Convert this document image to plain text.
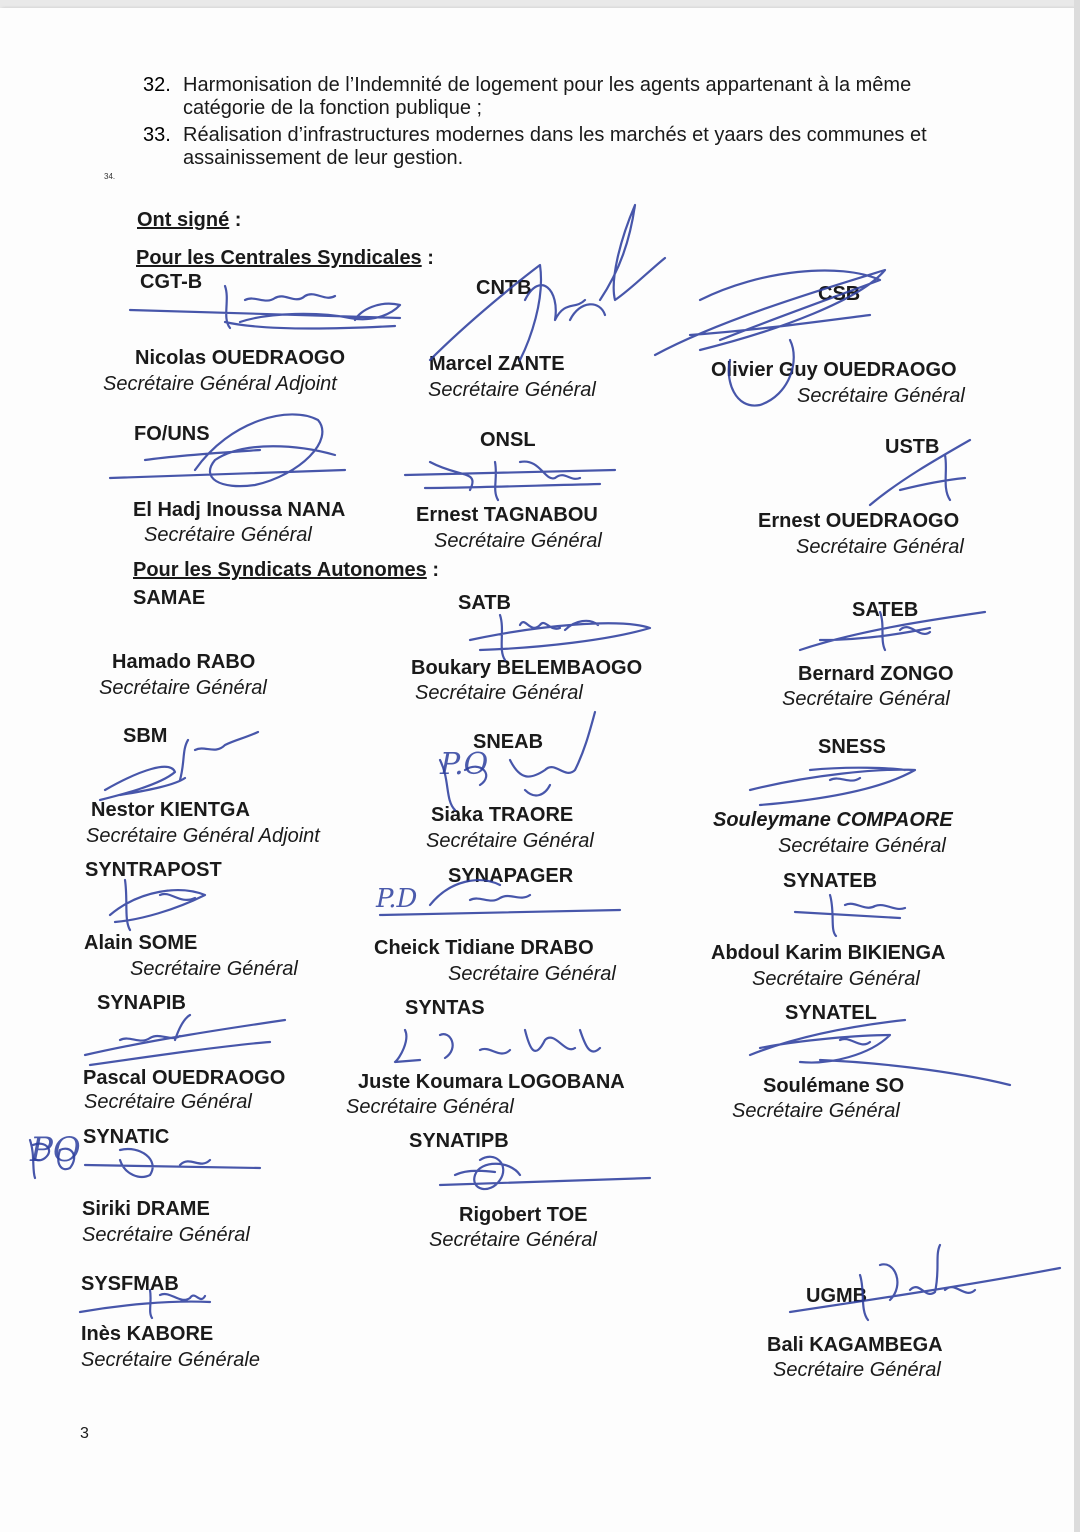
32. Harmonisation de l’Indemnité de logement pour les agents appartenant à la même catégorie de la fonction publique ;
33. Réalisation d’infrastructures modernes dans les marchés et yaars des communes et assainissement de leur gestion.
34.
Ont signé :
Pour les Centrales Syndicales :
Pour les Syndicats Autonomes :
CGT-B
Nicolas OUEDRAOGO
Secrétaire Général Adjoint
CNTB
Marcel ZANTE
Secrétaire Général
CSB
Olivier Guy OUEDRAOGO
Secrétaire Général
FO/UNS
El Hadj Inoussa NANA
Secrétaire Général
ONSL
Ernest TAGNABOU
Secrétaire Général
USTB
Ernest OUEDRAOGO
Secrétaire Général
SAMAE
Hamado RABO
Secrétaire Général
SATB
Boukary BELEMBAOGO
Secrétaire Général
SATEB
Bernard ZONGO
Secrétaire Général
SBM
Nestor KIENTGA
Secrétaire Général Adjoint
SNEAB
Siaka TRAORE
Secrétaire Général
SNESS
Souleymane COMPAORE
Secrétaire Général
SYNTRAPOST
Alain SOME
Secrétaire Général
SYNAPAGER
Cheick Tidiane DRABO
Secrétaire Général
SYNATEB
Abdoul Karim BIKIENGA
Secrétaire Général
SYNAPIB
Pascal OUEDRAOGO
Secrétaire Général
SYNTAS
Juste Koumara LOGOBANA
Secrétaire Général
SYNATEL
Soulémane SO
Secrétaire Général
SYNATIC
Siriki DRAME
Secrétaire Général
SYNATIPB
Rigobert TOE
Secrétaire Général
SYSFMAB
Inès KABORE
Secrétaire Générale
UGMB
Bali KAGAMBEGA
Secrétaire Général
3
PO
P.D
P.O
